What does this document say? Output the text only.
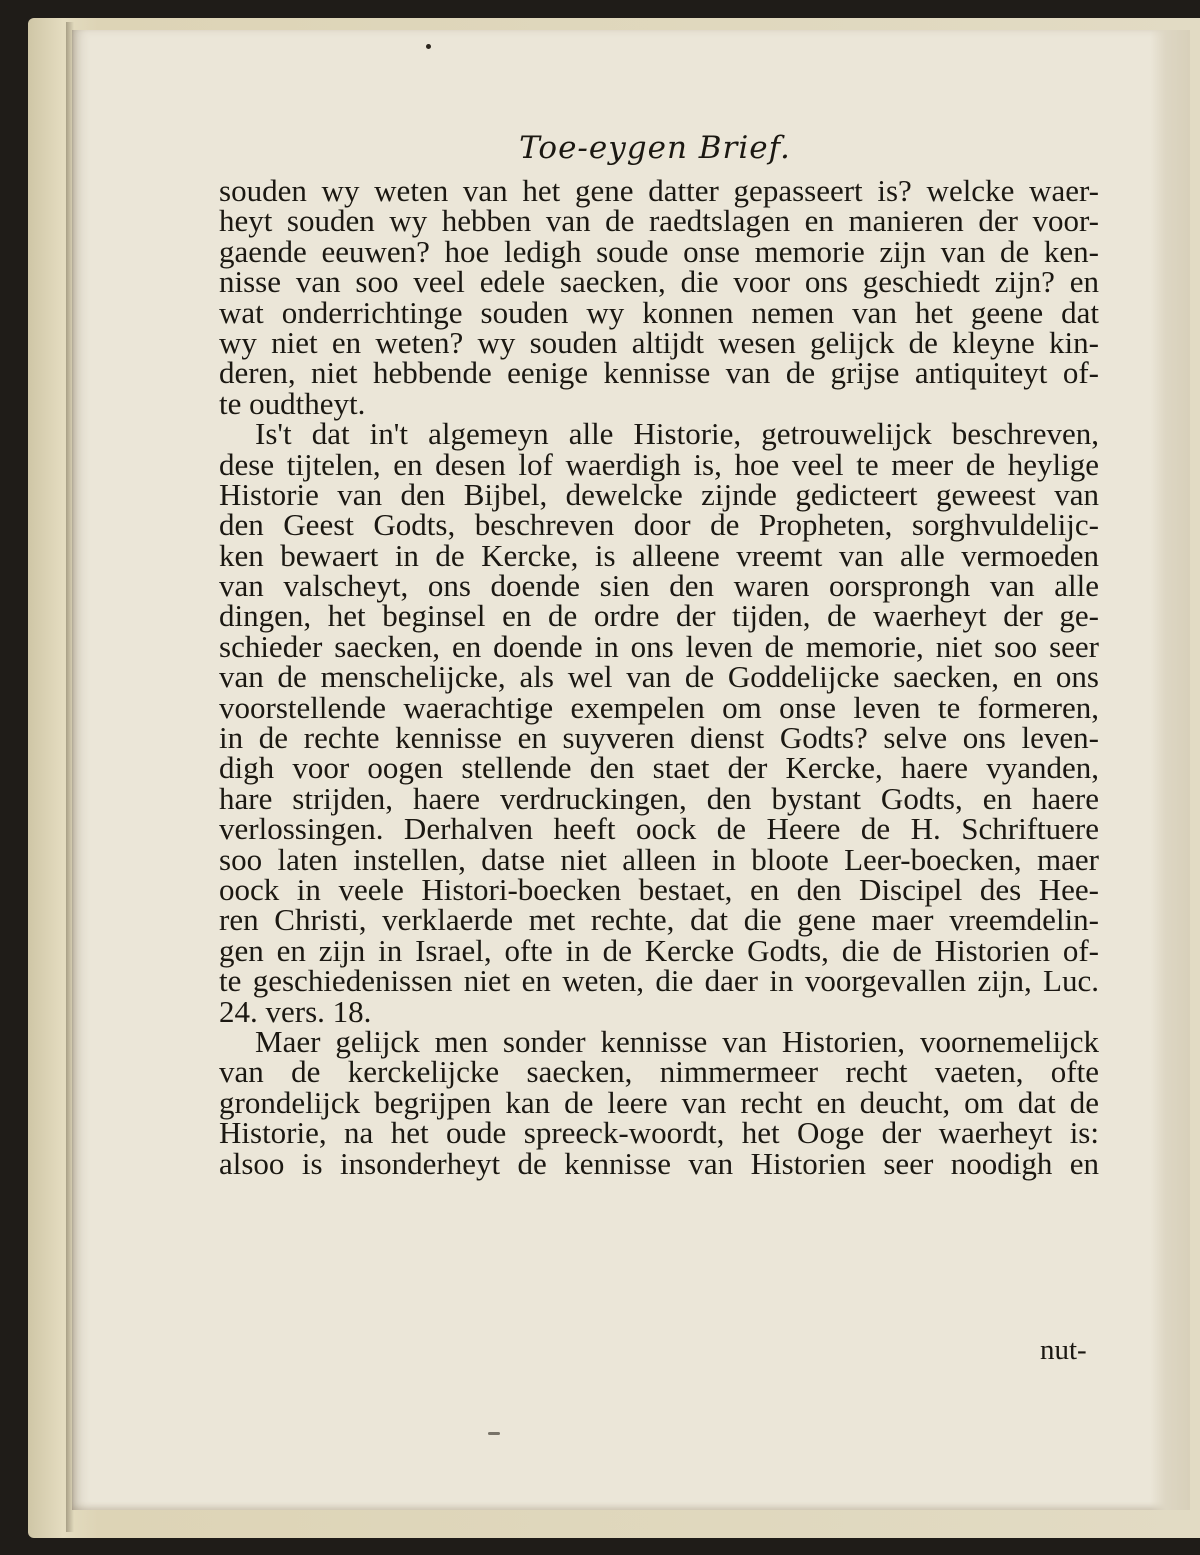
Toe-eygen Brief.
souden wy weten van het gene datter gepasseert is? welcke waer-
heyt souden wy hebben van de raedtslagen en manieren der voor-
gaende eeuwen? hoe ledigh soude onse memorie zijn van de ken-
nisse van soo veel edele saecken, die voor ons geschiedt zijn? en
wat onderrichtinge souden wy konnen nemen van het geene dat
wy niet en weten? wy souden altijdt wesen gelijck de kleyne kin-
deren, niet hebbende eenige kennisse van de grijse antiquiteyt of-
te oudtheyt.
Is't dat in't algemeyn alle Historie, getrouwelijck beschreven,
dese tijtelen, en desen lof waerdigh is, hoe veel te meer de heylige
Historie van den Bijbel, dewelcke zijnde gedicteert geweest van
den Geest Godts, beschreven door de Propheten, sorghvuldelijc-
ken bewaert in de Kercke, is alleene vreemt van alle vermoeden
van valscheyt, ons doende sien den waren oorsprongh van alle
dingen, het beginsel en de ordre der tijden, de waerheyt der ge-
schieder saecken, en doende in ons leven de memorie, niet soo seer
van de menschelijcke, als wel van de Goddelijcke saecken, en ons
voorstellende waerachtige exempelen om onse leven te formeren,
in de rechte kennisse en suyveren dienst Godts? selve ons leven-
digh voor oogen stellende den staet der Kercke, haere vyanden,
hare strijden, haere verdruckingen, den bystant Godts, en haere
verlossingen. Derhalven heeft oock de Heere de H. Schriftuere
soo laten instellen, datse niet alleen in bloote Leer-boecken, maer
oock in veele Histori-boecken bestaet, en den Discipel des Hee-
ren Christi, verklaerde met rechte, dat die gene maer vreemdelin-
gen en zijn in Israel, ofte in de Kercke Godts, die de Historien of-
te geschiedenissen niet en weten, die daer in voorgevallen zijn, Luc.
24. vers. 18.
Maer gelijck men sonder kennisse van Historien, voornemelijck
van de kerckelijcke saecken, nimmermeer recht vaeten, ofte
grondelijck begrijpen kan de leere van recht en deucht, om dat de
Historie, na het oude spreeck-woordt, het Ooge der waerheyt is:
alsoo is insonderheyt de kennisse van Historien seer noodigh en
nut-
